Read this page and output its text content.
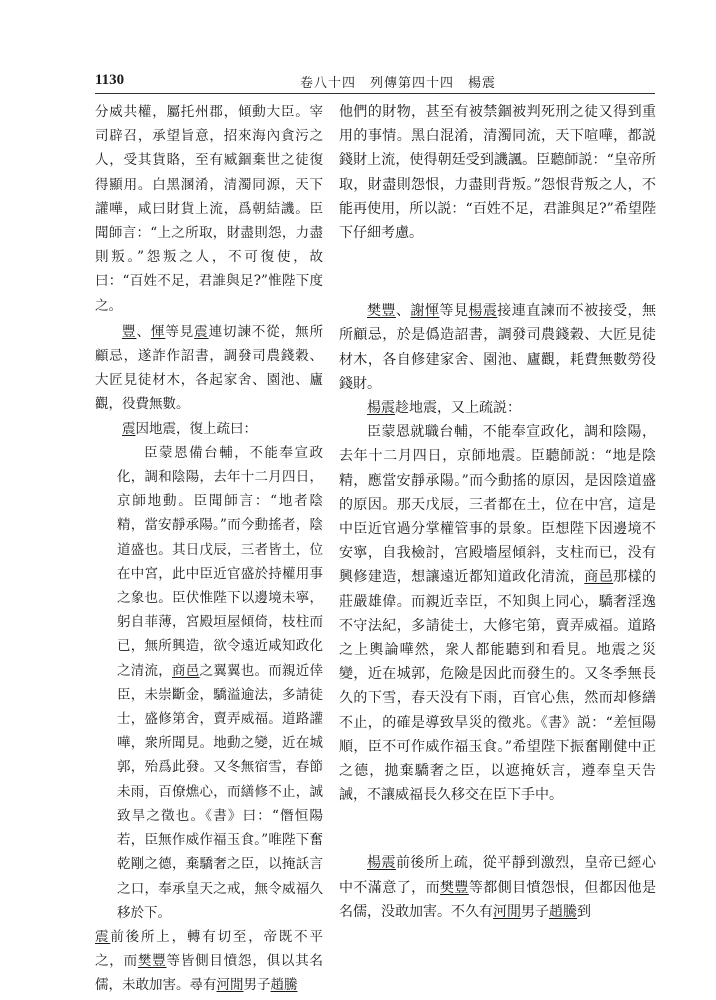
1130	卷八十四　列傳第四十四　楊震

分威共權，屬托州郡，傾動大臣。宰司辟召，承望旨意，招來海內貪污之人，受其貨賂，至有臧錮棄世之徒復得顯用。白黑溷淆，清濁同源，天下讙嘩，咸曰財貨上流，爲朝結譏。臣聞師言：“上之所取，財盡則怨，力盡則叛。”怨叛之人，不可復使，故曰：“百姓不足，君誰與足?”惟陛下度之。

豐、惲等見震連切諫不從，無所顧忌，遂詐作詔書，調發司農錢穀、大匠見徒材木，各起家舍、園池、廬觀，役費無數。

震因地震，復上疏曰：

臣蒙恩備台輔，不能奉宣政化，調和陰陽，去年十二月四日，京師地動。臣聞師言：“地者陰精，當安靜承陽。”而今動搖者，陰道盛也。其日戊辰，三者皆土，位在中宮，此中臣近官盛於持權用事之象也。臣伏惟陛下以邊境未寧，躬自菲薄，宮殿垣屋傾倚，枝柱而已，無所興造，欲令遠近咸知政化之清流，商邑之翼翼也。而親近倖臣，未崇斷金，驕溢逾法，多請徒士，盛修第舍，賣弄威福。道路讙嘩，衆所聞見。地動之變，近在城郭，殆爲此發。又冬無宿雪，春節未雨，百僚燋心，而繕修不止，誠致旱之徵也。《書》曰：“僭恒陽若，臣無作威作福玉食。”唯陛下奮乾剛之德，棄驕奢之臣，以掩訞言之口，奉承皇天之戒，無令威福久移於下。

震前後所上，轉有切至，帝既不平之，而樊豐等皆側目憤怨，俱以其名儒，未敢加害。尋有河閒男子趙騰

他們的財物，甚至有被禁錮被判死刑之徒又得到重用的事情。黑白混淆，清濁同流，天下喧嘩，都説錢財上流，使得朝廷受到譏諷。臣聽師説：“皇帝所取，財盡則怨恨，力盡則背叛。”怨恨背叛之人，不能再使用，所以説：“百姓不足，君誰與足?”希望陛下仔細考慮。

樊豐、謝惲等見楊震接連直諫而不被接受，無所顧忌，於是僞造詔書，調發司農錢穀、大匠見徒材木，各自修建家舍、園池、廬觀，耗費無數勞役錢財。

楊震趁地震，又上疏説：

臣蒙恩就職台輔，不能奉宣政化，調和陰陽，去年十二月四日，京師地震。臣聽師説：“地是陰精，應當安靜承陽。”而今動搖的原因，是因陰道盛的原因。那天戊辰，三者都在土，位在中宫，這是中臣近官過分掌權管事的景象。臣想陛下因邊境不安寧，自我檢討，宫殿墻屋傾斜，支柱而已，没有興修建造，想讓遠近都知道政化清流，商邑那樣的莊嚴雄偉。而親近幸臣，不知與上同心，驕奢淫逸不守法紀，多請徒士，大修宅第，賣弄威福。道路之上輿論嘩然，衆人都能聽到和看見。地震之災變，近在城郭，危險是因此而發生的。又冬季無長久的下雪，春天没有下雨，百官心焦，然而却修繕不止，的確是導致旱災的徵兆。《書》説：“差恒陽順，臣不可作威作福玉食。”希望陛下振奮剛健中正之德，拋棄驕奢之臣，以遮掩妖言，遵奉皇天告誡，不讓威福長久移交在臣下手中。

楊震前後所上疏，從平靜到激烈，皇帝已經心中不滿意了，而樊豐等都側目憤怨恨，但都因他是名儒，没敢加害。不久有河閒男子趙騰到
